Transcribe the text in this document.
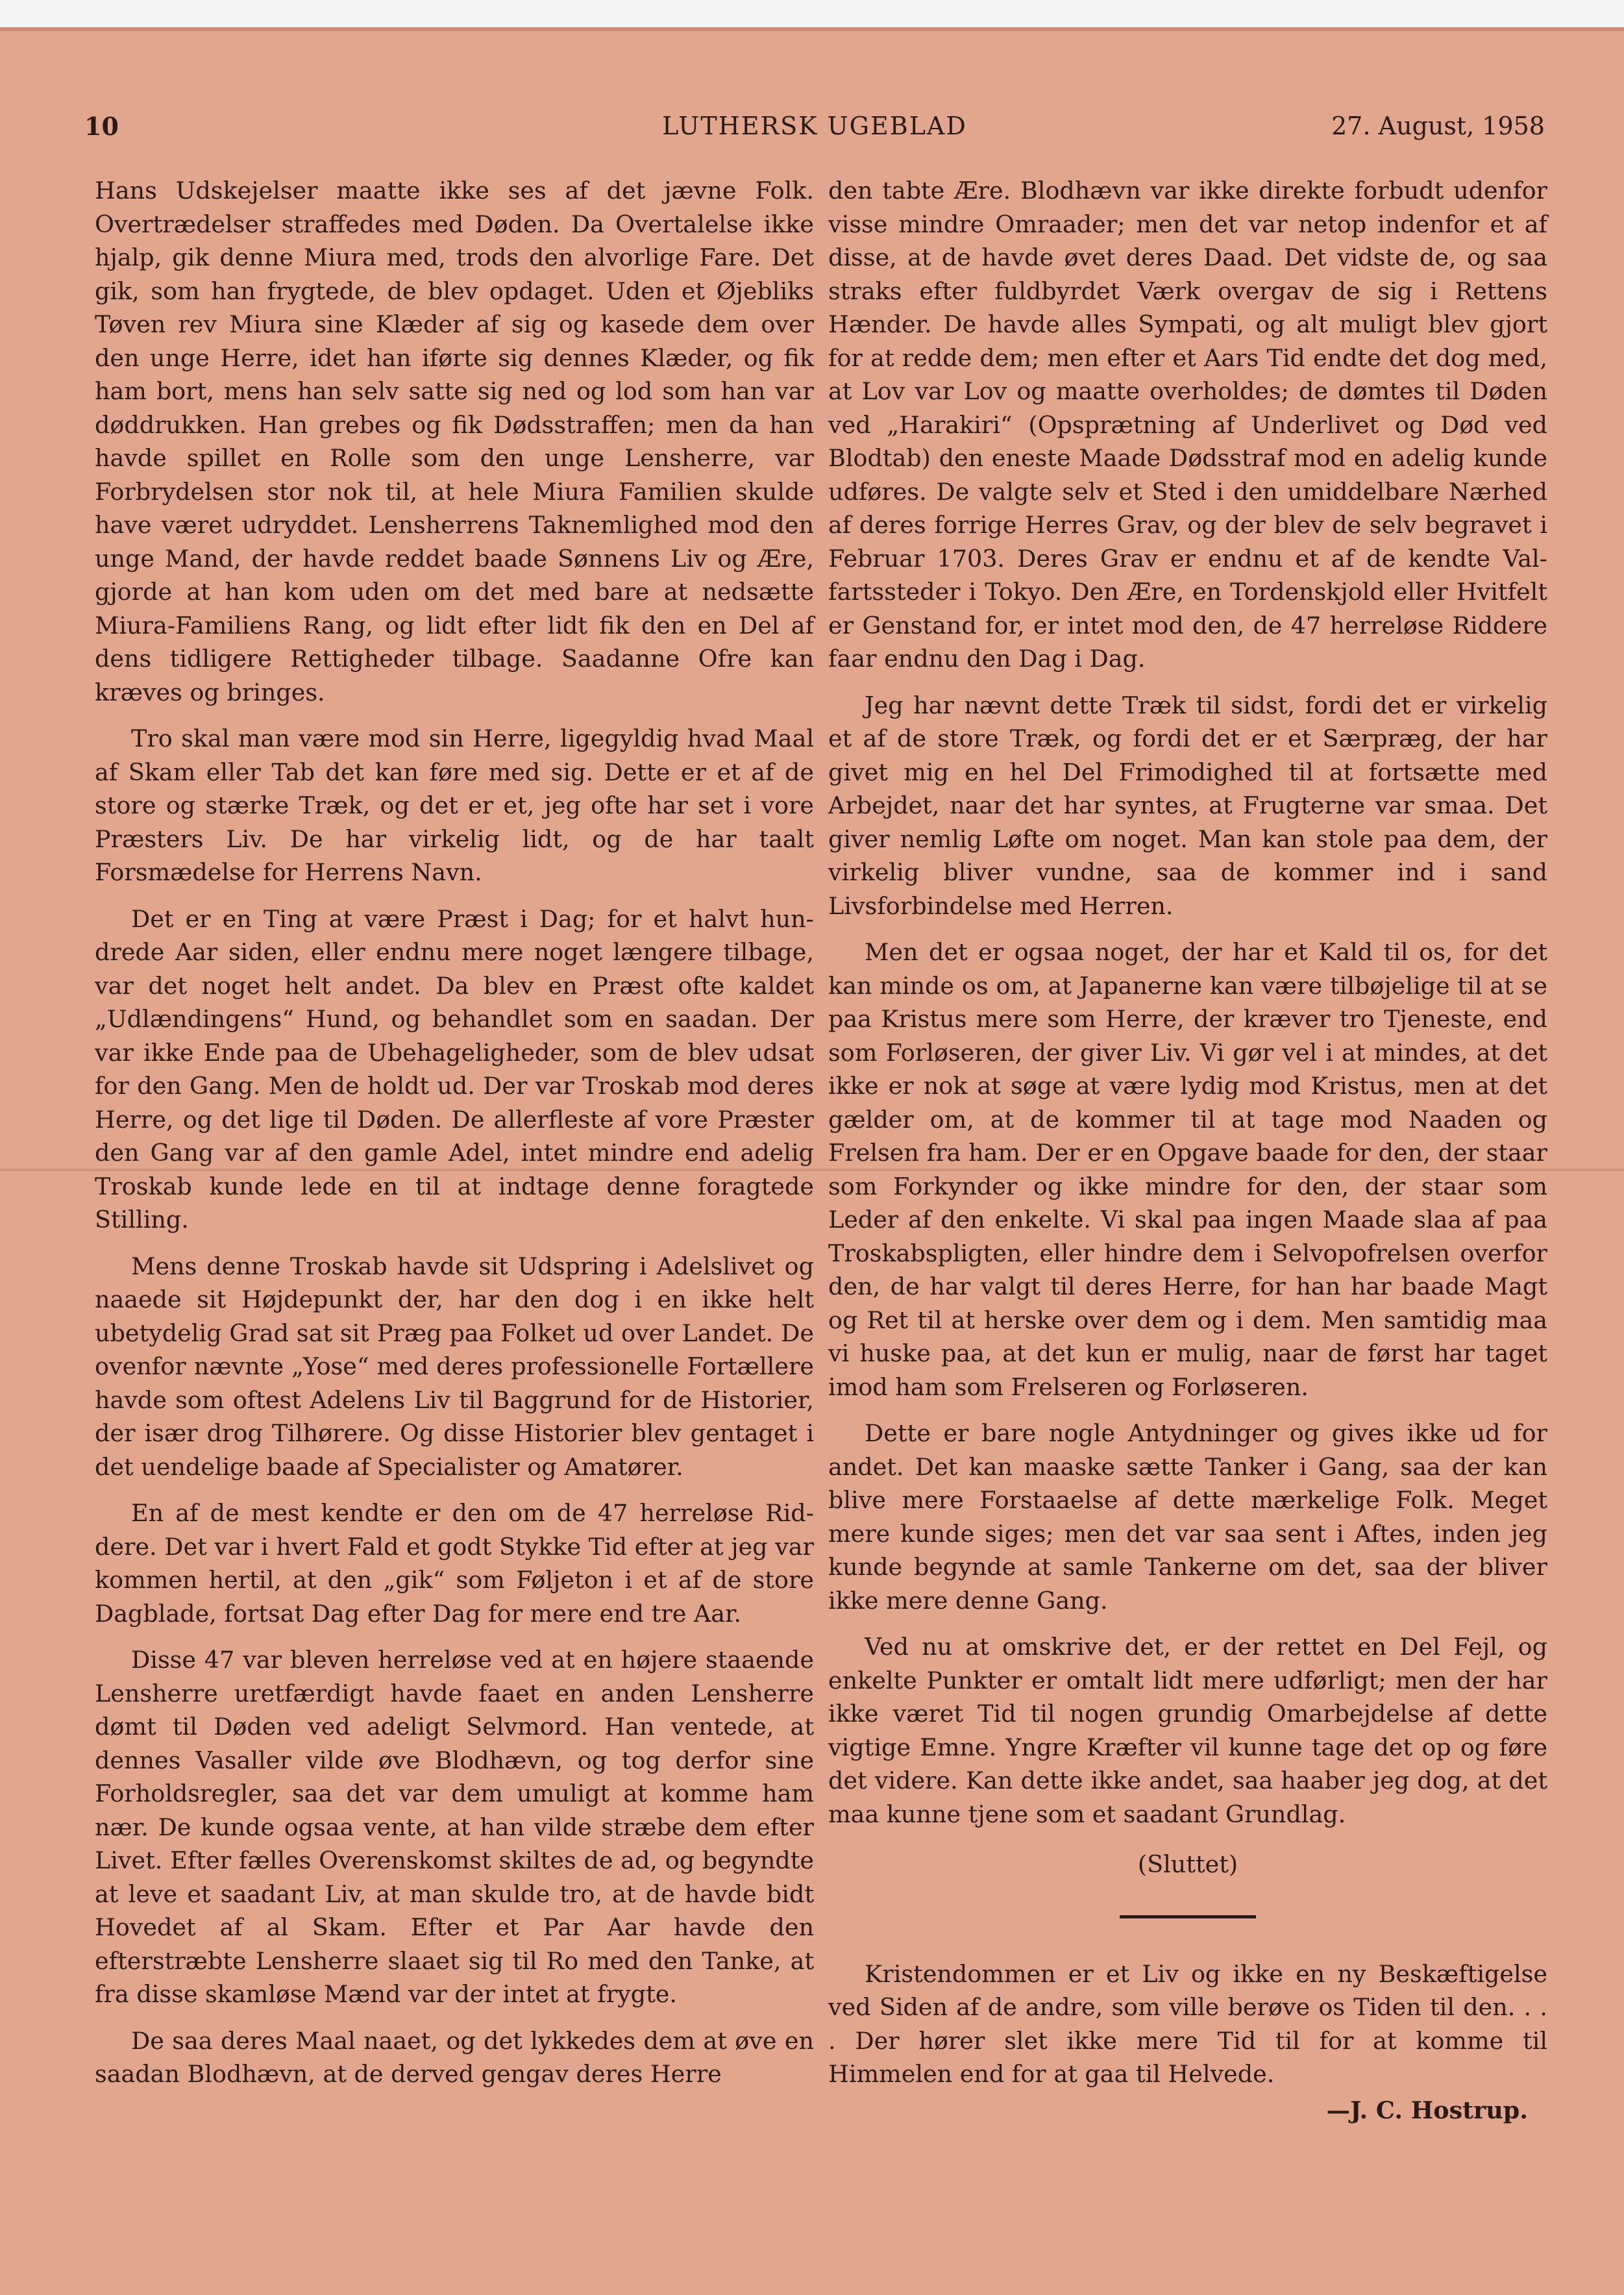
10	LUTHERSK UGEBLAD	27. August, 1958

Hans Udskejelser maatte ikke ses af det jævne Folk. Overtrædelser straffedes med Døden. Da Overtalelse ikke hjalp, gik denne Miura med, trods den alvorlige Fare. Det gik, som han frygtede, de blev opdaget. Uden et Øjebliks Tøven rev Miura sine Klæder af sig og kasede dem over den unge Herre, idet han iførte sig dennes Klæder, og fik ham bort, mens han selv satte sig ned og lod som han var døddrukken. Han grebes og fik Dødsstraffen; men da han havde spillet en Rolle som den unge Lensherre, var Forbrydelsen stor nok til, at hele Miura Familien skulde have været udryddet. Lensherrens Taknemlighed mod den unge Mand, der havde reddet baade Sønnens Liv og Ære, gjorde at han kom uden om det med bare at nedsætte Miura-Familiens Rang, og lidt efter lidt fik den en Del af dens tidligere Rettigheder tilbage. Saadanne Ofre kan kræves og bringes.

Tro skal man være mod sin Herre, ligegyldig hvad Maal af Skam eller Tab det kan føre med sig. Dette er et af de store og stærke Træk, og det er et, jeg ofte har set i vore Præsters Liv. De har virkelig lidt, og de har taalt Forsmædelse for Herrens Navn.

Det er en Ting at være Præst i Dag; for et halvt hundrede Aar siden, eller endnu mere noget længere tilbage, var det noget helt andet. Da blev en Præst ofte kaldet „Udlændingens“ Hund, og behandlet som en saadan. Der var ikke Ende paa de Ubehageligheder, som de blev udsat for den Gang. Men de holdt ud. Der var Troskab mod deres Herre, og det lige til Døden. De allerfleste af vore Præster den Gang var af den gamle Adel, intet mindre end adelig Troskab kunde lede en til at indtage denne foragtede Stilling.

Mens denne Troskab havde sit Udspring i Adelslivet og naaede sit Højdepunkt der, har den dog i en ikke helt ubetydelig Grad sat sit Præg paa Folket ud over Landet. De ovenfor nævnte „Yose“ med deres professionelle Fortællere havde som oftest Adelens Liv til Baggrund for de Historier, der især drog Tilhørere. Og disse Historier blev gentaget i det uendelige baade af Specialister og Amatører.

En af de mest kendte er den om de 47 herreløse Riddere. Det var i hvert Fald et godt Stykke Tid efter at jeg var kommen hertil, at den „gik“ som Føljeton i et af de store Dagblade, fortsat Dag efter Dag for mere end tre Aar.

Disse 47 var bleven herreløse ved at en højere staaende Lensherre uretfærdigt havde faaet en anden Lensherre dømt til Døden ved adeligt Selvmord. Han ventede, at dennes Vasaller vilde øve Blodhævn, og tog derfor sine Forholdsregler, saa det var dem umuligt at komme ham nær. De kunde ogsaa vente, at han vilde stræbe dem efter Livet. Efter fælles Overenskomst skiltes de ad, og begyndte at leve et saadant Liv, at man skulde tro, at de havde bidt Hovedet af al Skam. Efter et Par Aar havde den efterstræbte Lensherre slaaet sig til Ro med den Tanke, at fra disse skamløse Mænd var der intet at frygte.

De saa deres Maal naaet, og det lykkedes dem at øve en saadan Blodhævn, at de derved gengav deres Herre

den tabte Ære. Blodhævn var ikke direkte forbudt udenfor visse mindre Omraader; men det var netop indenfor et af disse, at de havde øvet deres Daad. Det vidste de, og saa straks efter fuldbyrdet Værk overgav de sig i Rettens Hænder. De havde alles Sympati, og alt muligt blev gjort for at redde dem; men efter et Aars Tid endte det dog med, at Lov var Lov og maatte overholdes; de dømtes til Døden ved „Harakiri“ (Opsprætning af Underlivet og Død ved Blodtab) den eneste Maade Dødsstraf mod en adelig kunde udføres. De valgte selv et Sted i den umiddelbare Nærhed af deres forrige Herres Grav, og der blev de selv begravet i Februar 1703. Deres Grav er endnu et af de kendte Valfartssteder i Tokyo. Den Ære, en Tordenskjold eller Hvitfelt er Genstand for, er intet mod den, de 47 herreløse Riddere faar endnu den Dag i Dag.

Jeg har nævnt dette Træk til sidst, fordi det er virkelig et af de store Træk, og fordi det er et Særpræg, der har givet mig en hel Del Frimodighed til at fortsætte med Arbejdet, naar det har syntes, at Frugterne var smaa. Det giver nemlig Løfte om noget. Man kan stole paa dem, der virkelig bliver vundne, saa de kommer ind i sand Livsforbindelse med Herren.

Men det er ogsaa noget, der har et Kald til os, for det kan minde os om, at Japanerne kan være tilbøjelige til at se paa Kristus mere som Herre, der kræver tro Tjeneste, end som Forløseren, der giver Liv. Vi gør vel i at mindes, at det ikke er nok at søge at være lydig mod Kristus, men at det gælder om, at de kommer til at tage mod Naaden og Frelsen fra ham. Der er en Opgave baade for den, der staar som Forkynder og ikke mindre for den, der staar som Leder af den enkelte. Vi skal paa ingen Maade slaa af paa Troskabspligten, eller hindre dem i Selvopofrelsen overfor den, de har valgt til deres Herre, for han har baade Magt og Ret til at herske over dem og i dem. Men samtidig maa vi huske paa, at det kun er mulig, naar de først har taget imod ham som Frelseren og Forløseren.

Dette er bare nogle Antydninger og gives ikke ud for andet. Det kan maaske sætte Tanker i Gang, saa der kan blive mere Forstaaelse af dette mærkelige Folk. Meget mere kunde siges; men det var saa sent i Aftes, inden jeg kunde begynde at samle Tankerne om det, saa der bliver ikke mere denne Gang.

Ved nu at omskrive det, er der rettet en Del Fejl, og enkelte Punkter er omtalt lidt mere udførligt; men der har ikke været Tid til nogen grundig Omarbejdelse af dette vigtige Emne. Yngre Kræfter vil kunne tage det op og føre det videre. Kan dette ikke andet, saa haaber jeg dog, at det maa kunne tjene som et saadant Grundlag.

(Sluttet)

Kristendommen er et Liv og ikke en ny Beskæftigelse ved Siden af de andre, som ville berøve os Tiden til den. . . . Der hører slet ikke mere Tid til for at komme til Himmelen end for at gaa til Helvede.

—J. C. Hostrup.
